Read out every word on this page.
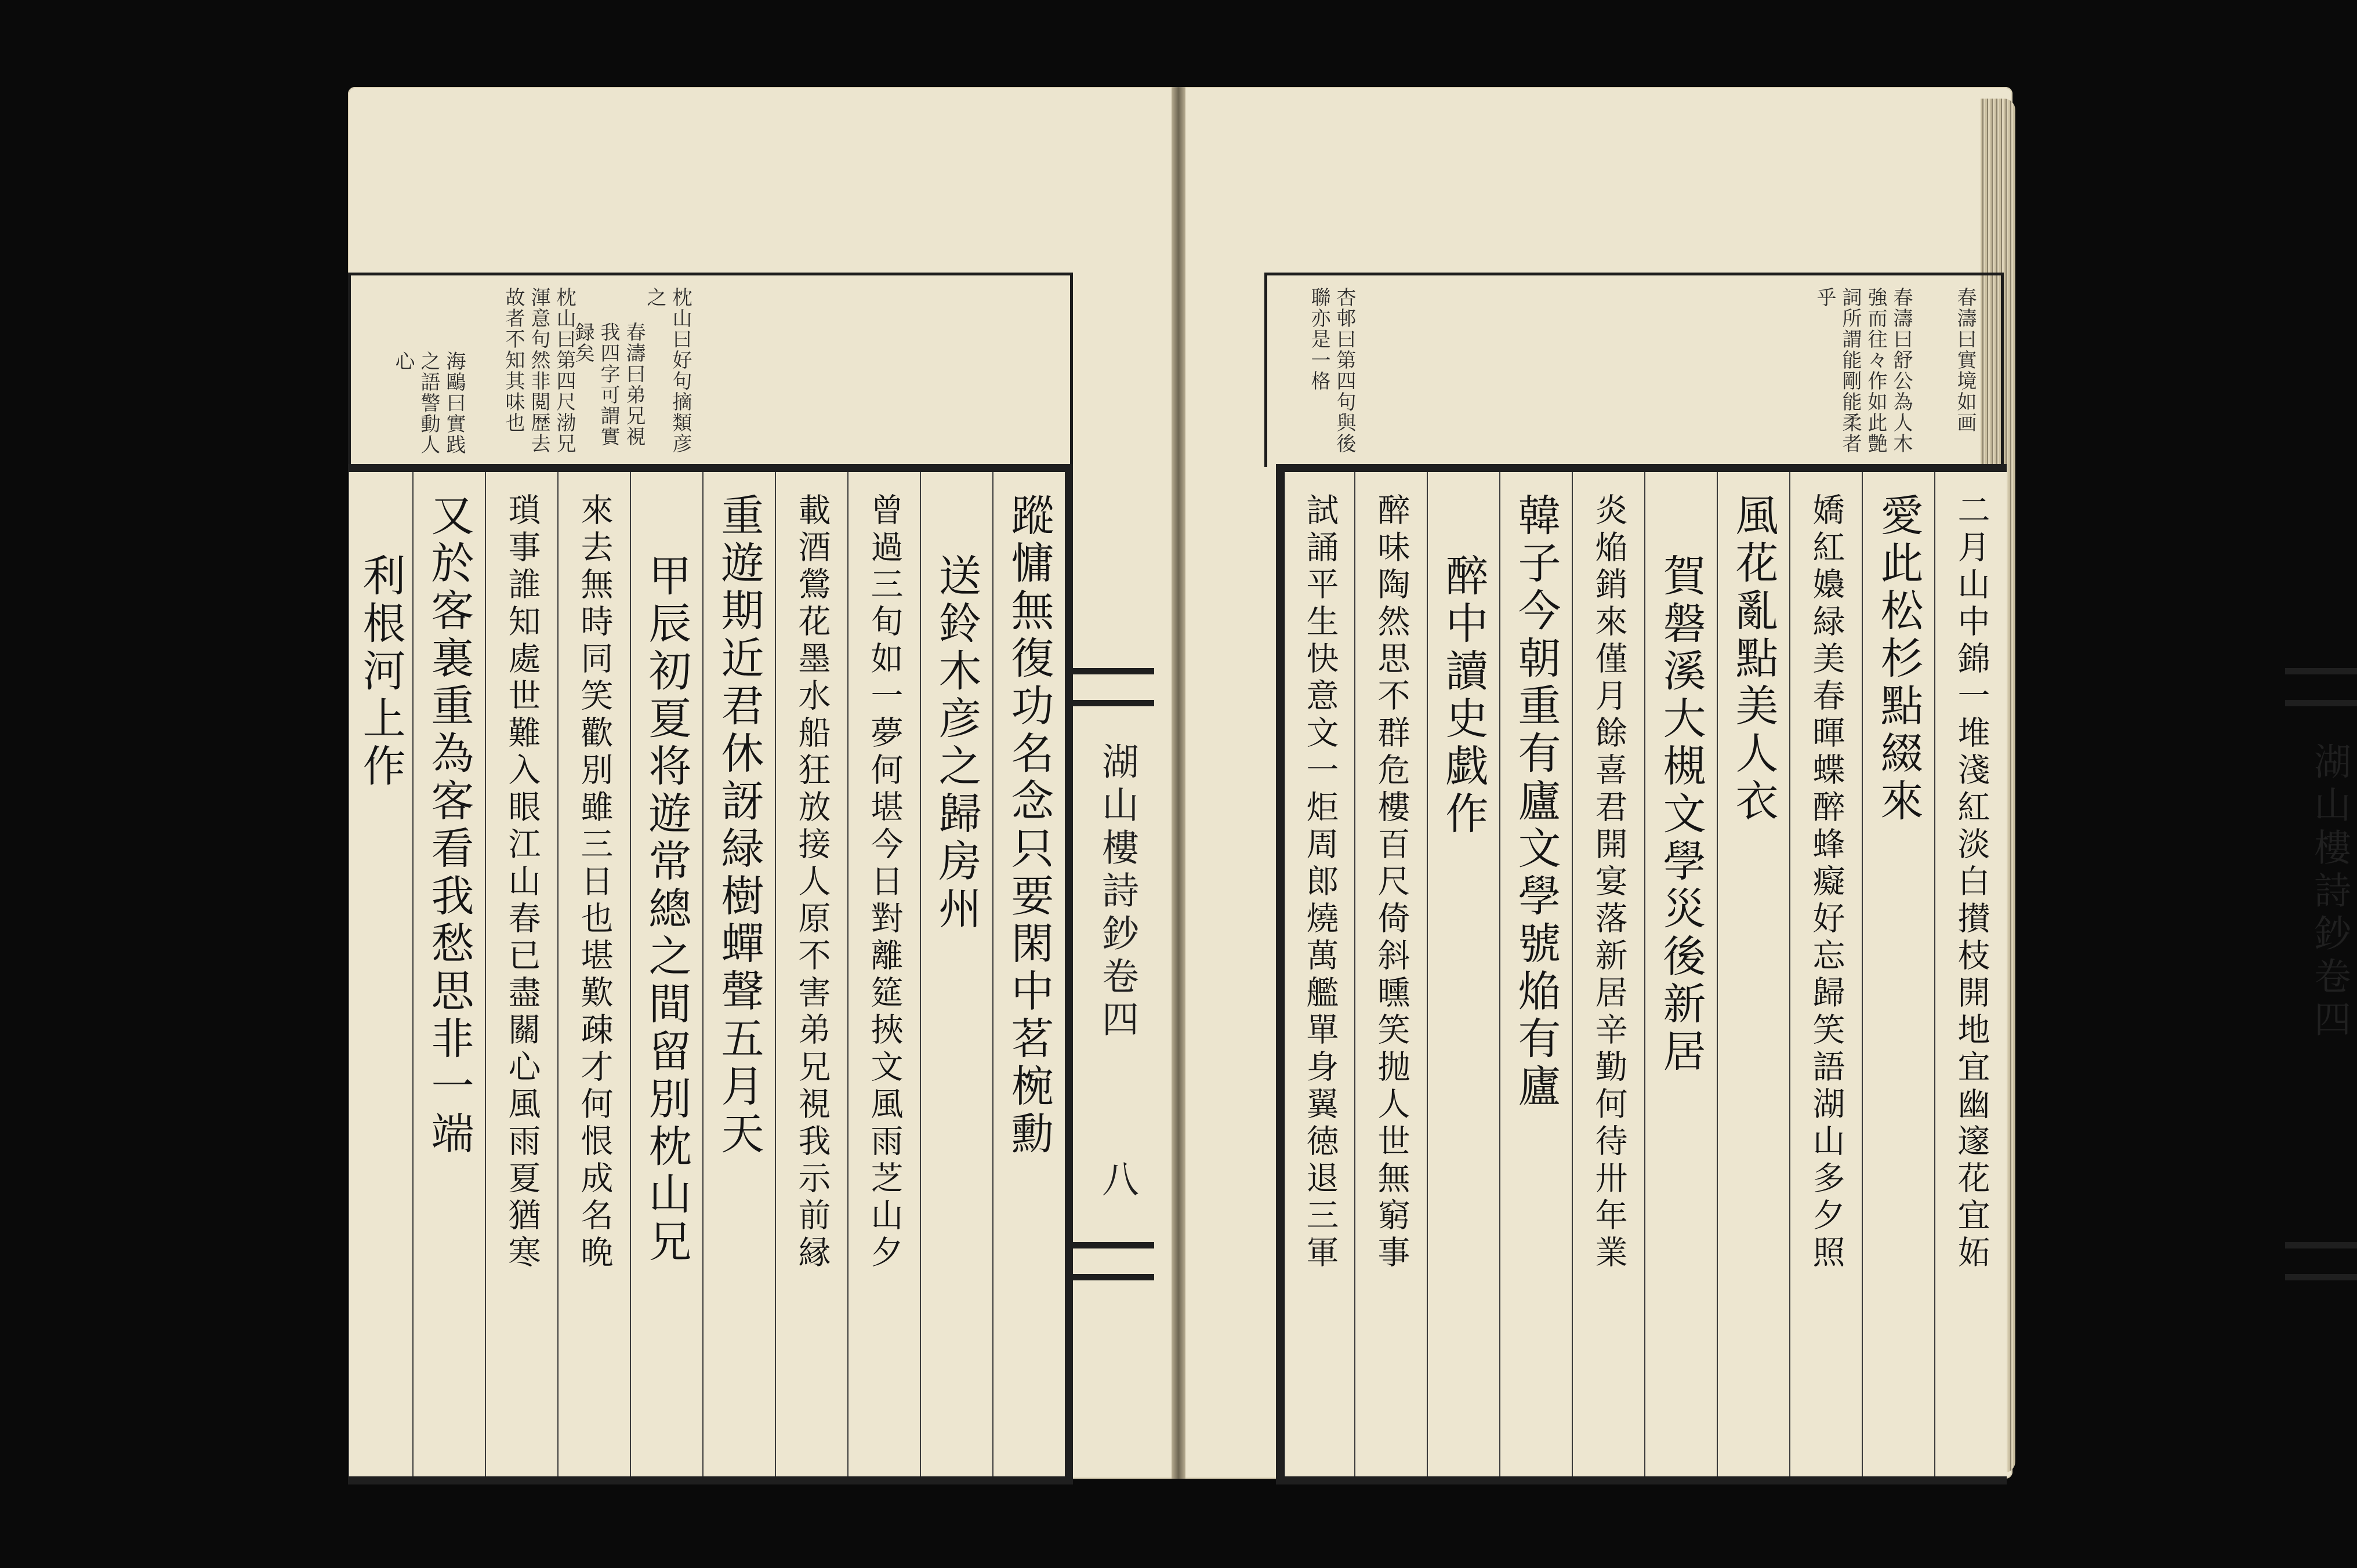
枕山曰好句摘類彦之
春濤曰弟兄視我四字可謂實録矣
枕山曰第四尺渤兄渾意句然非閲歴去故者不知其味也
海鷗曰實践之語警動人心	春濤曰實境如画
春濤曰舒公為人木強而往々作如此艶詞所謂能剛能柔者乎
杏邨曰第四句與後聯亦是一格
蹤慵無復功名念只要閑中茗椀勳
送鈴木彦之歸房州
曾過三旬如一夢何堪今日對離筵挾文風雨芝山夕
載酒鶯花墨水船狂放接人原不害弟兄視我示前縁
重遊期近君休訝緑樹蟬聲五月天
甲辰初夏将遊常總之間留別枕山兄
來去無時同笑歡別雖三日也堪歎疎才何恨成名晩
瑣事誰知處世難入眼江山春已盡關心風雨夏猶寒
又於客裏重為客看我愁思非一端
利根河上作
湖山樓詩鈔卷四
八	二月山中錦一堆淺紅淡白攅枝開地宜幽邃花宜妬
愛此松杉點綴來
嬌紅嬝緑美春暉蝶醉蜂癡好忘歸笑語湖山多夕照
風花亂點美人衣
賀磐溪大槻文學災後新居
炎焔銷來僅月餘喜君開宴落新居辛勤何待卅年業
韓子今朝重有廬文學號焔有廬
醉中讀史戯作
醉味陶然思不群危樓百尺倚斜曛笑抛人世無窮事
試誦平生快意文一炬周郎燒萬艦單身翼徳退三軍	湖山樓詩鈔卷四
